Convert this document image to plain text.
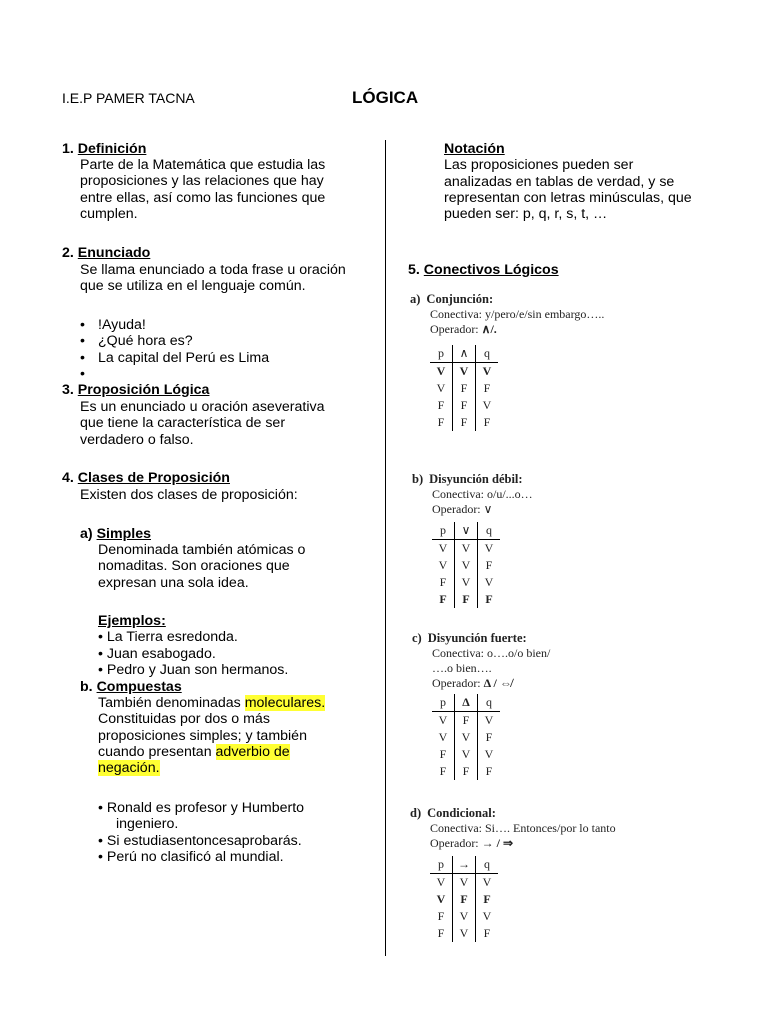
I.E.P PAMER TACNA	LÓGICA
1. Definición
Parte de la Matemática que estudia las
proposiciones y las relaciones que hay
entre ellas, así como las funciones que
cumplen.
2. Enunciado
Se llama enunciado a toda frase u oración
que se utiliza en el lenguaje común.
• !Ayuda!
• ¿Qué hora es?
• La capital del Perú es Lima
•
3. Proposición Lógica
Es un enunciado u oración aseverativa
que tiene la característica de ser
verdadero o falso.
4. Clases de Proposición
Existen dos clases de proposición:
a) Simples
Denominada también atómicas o
nomaditas. Son oraciones que
expresan una sola idea.
Ejemplos:
• La Tierra esredonda.
• Juan esabogado.
• Pedro y Juan son hermanos.
b. Compuestas
También denominadas moleculares.
Constituidas por dos o más
proposiciones simples; y también
cuando presentan adverbio de
negación.
• Ronald es profesor y Humberto
ingeniero.
• Si estudiasentoncesaprobarás.
• Perú no clasificó al mundial.
Notación
Las proposiciones pueden ser
analizadas en tablas de verdad, y se
representan con letras minúsculas, que
pueden ser: p, q, r, s, t, …
5. Conectivos Lógicos
a) Conjunción:
Conectiva: y/pero/e/sin embargo…..
Operador: ∧/.
p	∧	q
V	V	V
V	F	F
F	F	V
F	F	F
b) Disyunción débil:
Conectiva: o/u/...o…
Operador: ∨
p	∨	q
V	V	V
V	V	F
F	V	V
F	F	F
c) Disyunción fuerte:
Conectiva: o….o/o bien/
….o bien….
Operador: Δ / ⇎
p	Δ	q
V	F	V
V	V	F
F	V	V
F	F	F
d) Condicional:
Conectiva: Si…. Entonces/por lo tanto
Operador: → / ⇒
p	→	q
V	V	V
V	F	F
F	V	V
F	V	F
